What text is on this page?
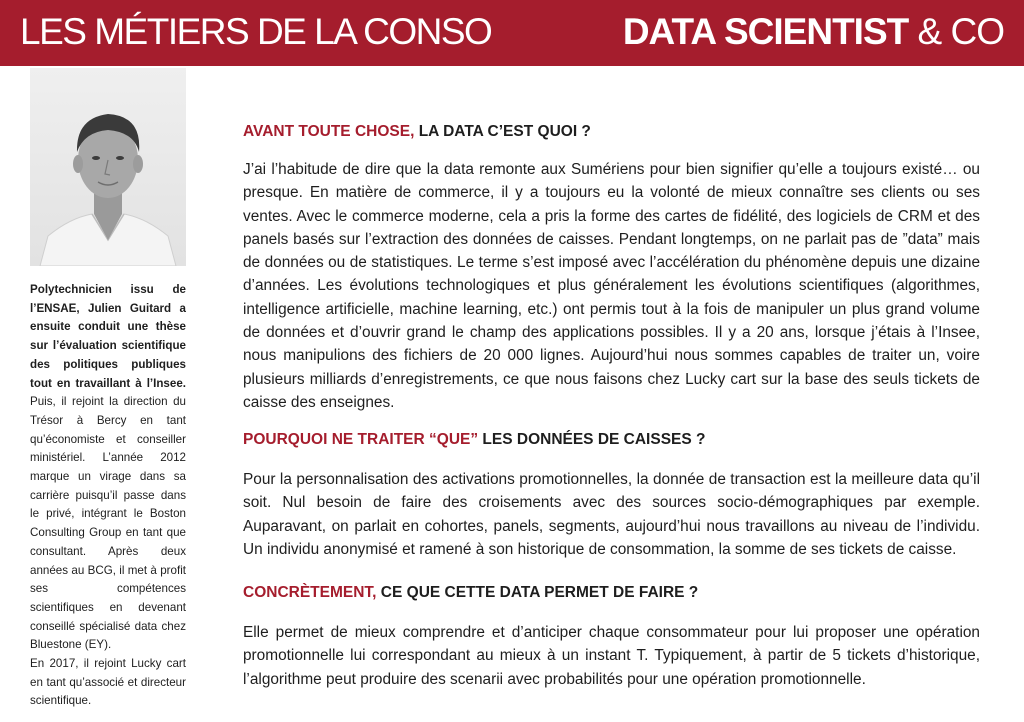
LES MÉTIERS DE LA CONSO	DATA SCIENTIST & CO
Polytechnicien issu de l’ENSAE, Julien Guitard a ensuite conduit une thèse sur l’évaluation scientifique des politiques publiques tout en travaillant à l’Insee. Puis, il rejoint la direction du Trésor à Bercy en tant qu’économiste et conseiller ministériel. L’année 2012 marque un virage dans sa carrière puisqu’il passe dans le privé, intégrant le Boston Consulting Group en tant que consultant. Après deux années au BCG, il met à profit ses compétences scientifiques en devenant conseillé spécialisé data chez Bluestone (EY).
En 2017, il rejoint Lucky cart en tant qu’associé et directeur scientifique.
AVANT TOUTE CHOSE, LA DATA C’EST QUOI ?

J’ai l’habitude de dire que la data remonte aux Sumériens pour bien signifier qu’elle a toujours existé… ou presque. En matière de commerce, il y a toujours eu la volonté de mieux connaître ses clients ou ses ventes. Avec le commerce moderne, cela a pris la forme des cartes de fidélité, des logiciels de CRM et des panels basés sur l’extraction des données de caisses. Pendant longtemps, on ne parlait pas de ”data” mais de données ou de statistiques. Le terme s’est imposé avec l’accélération du phénomène depuis une dizaine d’années. Les évolutions technologiques et plus généralement les évolutions scientifiques (algorithmes, intelligence artificielle, machine learning, etc.) ont permis tout à la fois de manipuler un plus grand volume de données et d’ouvrir grand le champ des applications possibles. Il y a 20 ans, lorsque j’étais à l’Insee, nous manipulions des fichiers de 20 000 lignes. Aujourd’hui nous sommes capables de traiter un, voire plusieurs milliards d’enregistrements, ce que nous faisons chez Lucky cart sur la base des seuls tickets de caisse des enseignes.

POURQUOI NE TRAITER “QUE” LES DONNÉES DE CAISSES ?

Pour la personnalisation des activations promotionnelles, la donnée de transaction est la meilleure data qu’il soit. Nul besoin de faire des croisements avec des sources socio-démographiques par exemple. Auparavant, on parlait en cohortes, panels, segments, aujourd’hui nous travaillons au niveau de l’individu. Un individu anonymisé et ramené à son historique de consommation, la somme de ses tickets de caisse.

CONCRÈTEMENT, CE QUE CETTE DATA PERMET DE FAIRE ?

Elle permet de mieux comprendre et d’anticiper chaque consommateur pour lui proposer une opération promotionnelle lui correspondant au mieux à un instant T. Typiquement, à partir de 5 tickets d’historique, l’algorithme peut produire des scenarii avec probabilités pour une opération promotionnelle.
